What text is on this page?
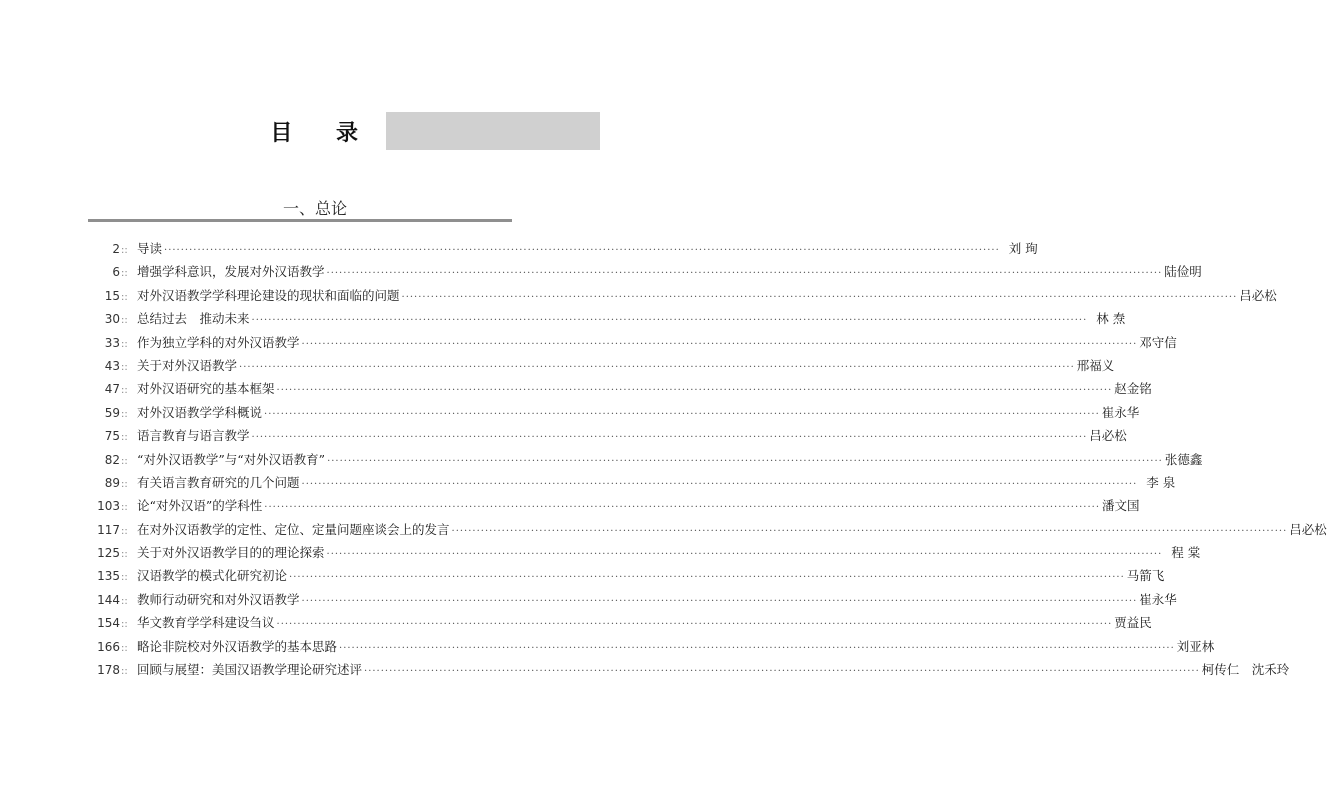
目 录
一、总论
2 :: 导读 ········································································································································································································ 刘 珣
6 :: 增强学科意识，发展对外汉语教学 ········································································································································································································ 陆俭明
15 :: 对外汉语教学学科理论建设的现状和面临的问题 ········································································································································································································ 吕必松
30 :: 总结过去　推动未来 ········································································································································································································ 林 焘
33 :: 作为独立学科的对外汉语教学 ········································································································································································································ 邓守信
43 :: 关于对外汉语教学 ········································································································································································································ 邢福义
47 :: 对外汉语研究的基本框架 ········································································································································································································ 赵金铭
59 :: 对外汉语教学学科概说 ········································································································································································································ 崔永华
75 :: 语言教育与语言教学 ········································································································································································································ 吕必松
82 :: “对外汉语教学”与“对外汉语教育” ········································································································································································································ 张德鑫
89 :: 有关语言教育研究的几个问题 ········································································································································································································ 李 泉
103 :: 论“对外汉语”的学科性 ········································································································································································································ 潘文国
117 :: 在对外汉语教学的定性、定位、定量问题座谈会上的发言 ········································································································································································································ 吕必松
125 :: 关于对外汉语教学目的的理论探索 ········································································································································································································ 程 棠
135 :: 汉语教学的模式化研究初论 ········································································································································································································ 马箭飞
144 :: 教师行动研究和对外汉语教学 ········································································································································································································ 崔永华
154 :: 华文教育学学科建设刍议 ········································································································································································································ 贾益民
166 :: 略论非院校对外汉语教学的基本思路 ········································································································································································································ 刘亚林
178 :: 回顾与展望：美国汉语教学理论研究述评 ········································································································································································································ 柯传仁　沈禾玲
